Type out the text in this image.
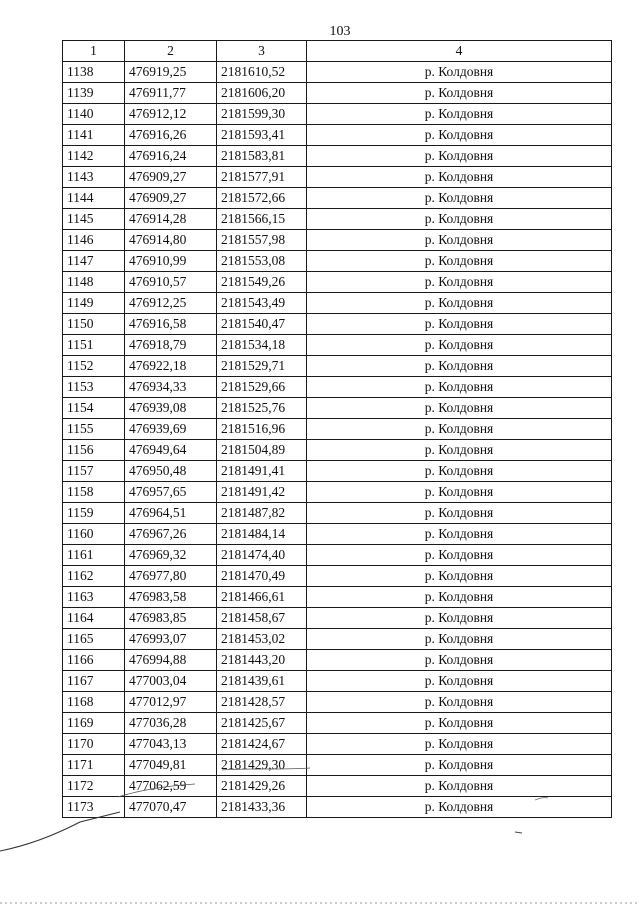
103
1	2	3	4
1138	476919,25	2181610,52	р. Колдовня
1139	476911,77	2181606,20	р. Колдовня
1140	476912,12	2181599,30	р. Колдовня
1141	476916,26	2181593,41	р. Колдовня
1142	476916,24	2181583,81	р. Колдовня
1143	476909,27	2181577,91	р. Колдовня
1144	476909,27	2181572,66	р. Колдовня
1145	476914,28	2181566,15	р. Колдовня
1146	476914,80	2181557,98	р. Колдовня
1147	476910,99	2181553,08	р. Колдовня
1148	476910,57	2181549,26	р. Колдовня
1149	476912,25	2181543,49	р. Колдовня
1150	476916,58	2181540,47	р. Колдовня
1151	476918,79	2181534,18	р. Колдовня
1152	476922,18	2181529,71	р. Колдовня
1153	476934,33	2181529,66	р. Колдовня
1154	476939,08	2181525,76	р. Колдовня
1155	476939,69	2181516,96	р. Колдовня
1156	476949,64	2181504,89	р. Колдовня
1157	476950,48	2181491,41	р. Колдовня
1158	476957,65	2181491,42	р. Колдовня
1159	476964,51	2181487,82	р. Колдовня
1160	476967,26	2181484,14	р. Колдовня
1161	476969,32	2181474,40	р. Колдовня
1162	476977,80	2181470,49	р. Колдовня
1163	476983,58	2181466,61	р. Колдовня
1164	476983,85	2181458,67	р. Колдовня
1165	476993,07	2181453,02	р. Колдовня
1166	476994,88	2181443,20	р. Колдовня
1167	477003,04	2181439,61	р. Колдовня
1168	477012,97	2181428,57	р. Колдовня
1169	477036,28	2181425,67	р. Колдовня
1170	477043,13	2181424,67	р. Колдовня
1171	477049,81	2181429,30	р. Колдовня
1172	477062,59	2181429,26	р. Колдовня
1173	477070,47	2181433,36	р. Колдовня
